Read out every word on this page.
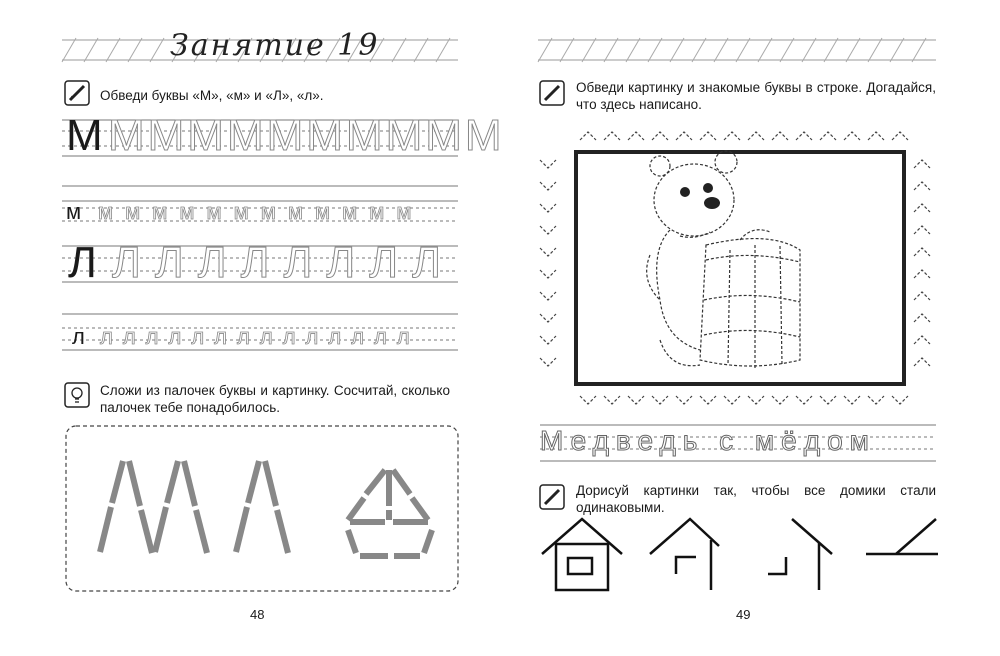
Занятие 19
Обведи буквы «М», «м» и «Л», «л».
Сложи из палочек буквы и картинку. Сосчитай, сколько палочек тебе понадобилось.
М ММММММММММ
м мммммммммммм
Л ЛЛЛЛЛЛЛЛ
л лллллллллллллл
48
Обведи картинку и знакомые буквы в строке. Догадайся, что здесь написано.
Медведь с мёдом
Дорисуй картинки так, чтобы все домики стали одинаковыми.
49
